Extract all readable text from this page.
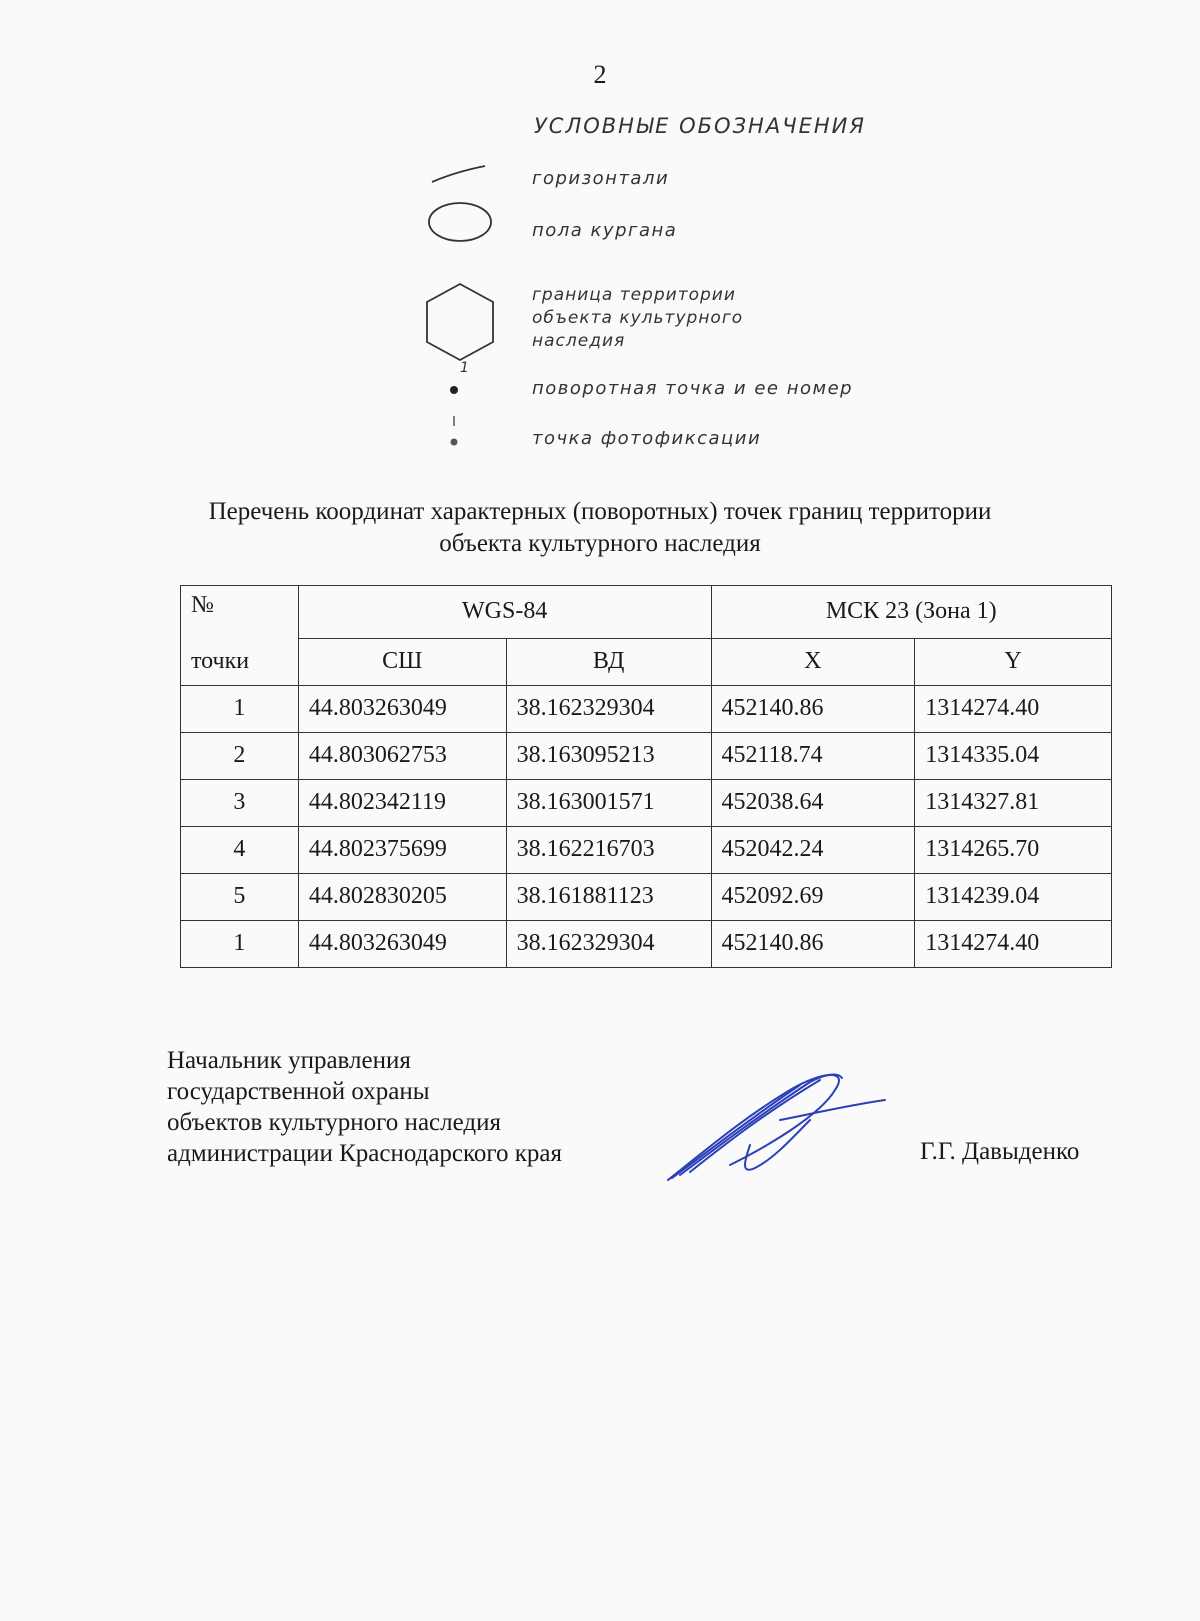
2
УСЛОВНЫЕ ОБОЗНАЧЕНИЯ
горизонтали
пола кургана
граница территории
объекта культурного
наследия
1
поворотная точка и ее номер
точка фотофиксации
Перечень координат характерных (поворотных) точек границ территории
объекта культурного наследия
№	WGS-84		МСК 23 (Зона 1)	
точки	СШ	ВД	X	Y
1	44.803263049	38.162329304	452140.86	1314274.40
2	44.803062753	38.163095213	452118.74	1314335.04
3	44.802342119	38.163001571	452038.64	1314327.81
4	44.802375699	38.162216703	452042.24	1314265.70
5	44.802830205	38.161881123	452092.69	1314239.04
1	44.803263049	38.162329304	452140.86	1314274.40
Начальник управления
государственной охраны
объектов культурного наследия
администрации Краснодарского края	Г.Г. Давыденко
